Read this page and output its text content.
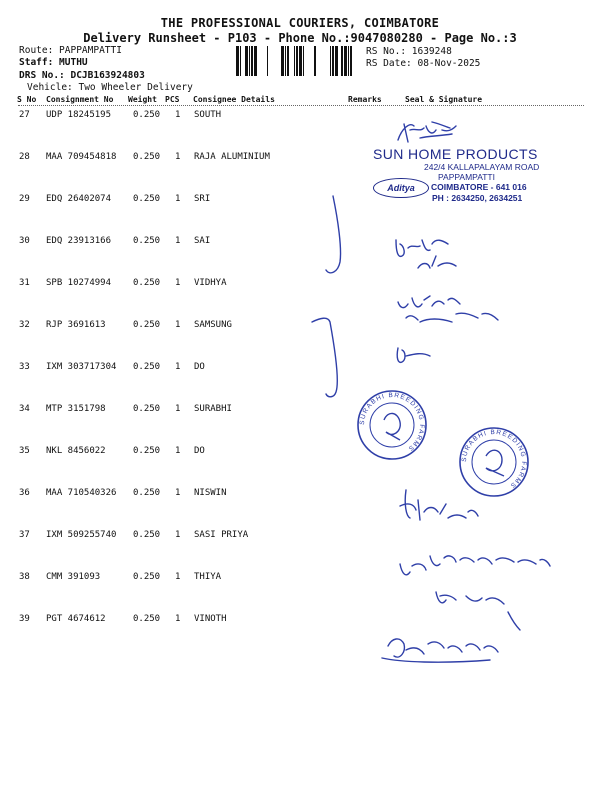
THE PROFESSIONAL COURIERS, COIMBATORE
Delivery Runsheet - P103 - Phone No.:9047080280 - Page No.:3
Route: PAPPAMPATTI
Staff: MUTHU
DRS No.: DCJB163924803
Vehicle: Two Wheeler Delivery
RS No.: 1639248
RS Date: 08-Nov-2025
S No Consignment No Weight PCS Consignee Details	Remarks	Seal & Signature
27 UDP 18245195 0.250 1 SOUTH
28 MAA 709454818 0.250 1 RAJA ALUMINIUM
29 EDQ 26402074 0.250 1 SRI
30 EDQ 23913166 0.250 1 SAI
31 SPB 10274994 0.250 1 VIDHYA
32 RJP 3691613	0.250 1 SAMSUNG
33 IXM 303717304 0.250 1 DO
34 MTP 3151798	0.250 1 SURABHI
35 NKL 8456022	0.250 1 DO
36 MAA 710540326 0.250 1 NISWIN
37 IXM 509255740 0.250 1 SASI PRIYA
38 CMM 391093	0.250 1 THIYA
39 PGT 4674612	0.250 1 VINOTH
SUN HOME PRODUCTS
242/4 KALLAPALAYAM ROAD
PAPPAMPATTI
COIMBATORE - 641 016
PH : 2634250, 2634251
Aditya
SURABHI BREEDING FARMS
SURABHI BREEDING FARMS
